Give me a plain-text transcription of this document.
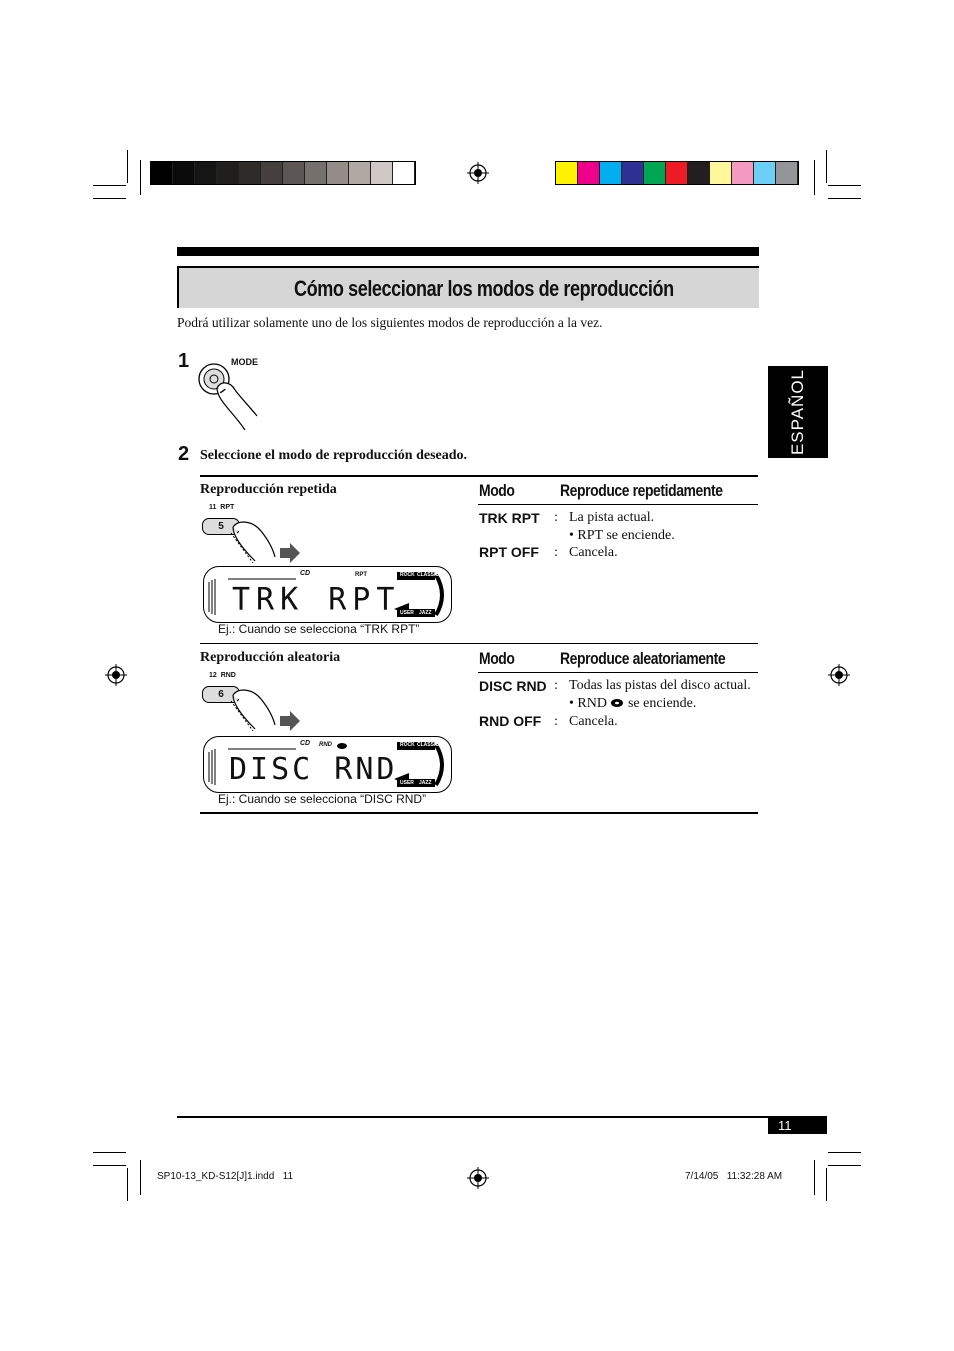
Cómo seleccionar los modos de reproducción
Podrá utilizar solamente uno de los siguientes modos de reproducción a la vez.
ESPAÑOL
1	MODE
2 Seleccione el modo de reproducción deseado.
Reproducción repetida
11 RPT
5
CD	RPT	ROCK CLASSIC
USER JAZZ
TRK RPT
Ej.: Cuando se selecciona “TRK RPT”
Modo	Reproduce repetidamente
TRK RPT : La pista actual.
• RPT se enciende.
RPT OFF : Cancela.
Reproducción aleatoria
12 RND
6
CD RND	ROCK CLASSIC
USER JAZZ
DISC RND
Ej.: Cuando se selecciona “DISC RND”
Modo	Reproduce aleatoriamente
DISC RND : Todas las pistas del disco actual.
• RND se enciende.
RND OFF : Cancela.
11
SP10-13_KD-S12[J]1.indd   11	7/14/05   11:32:28 AM
